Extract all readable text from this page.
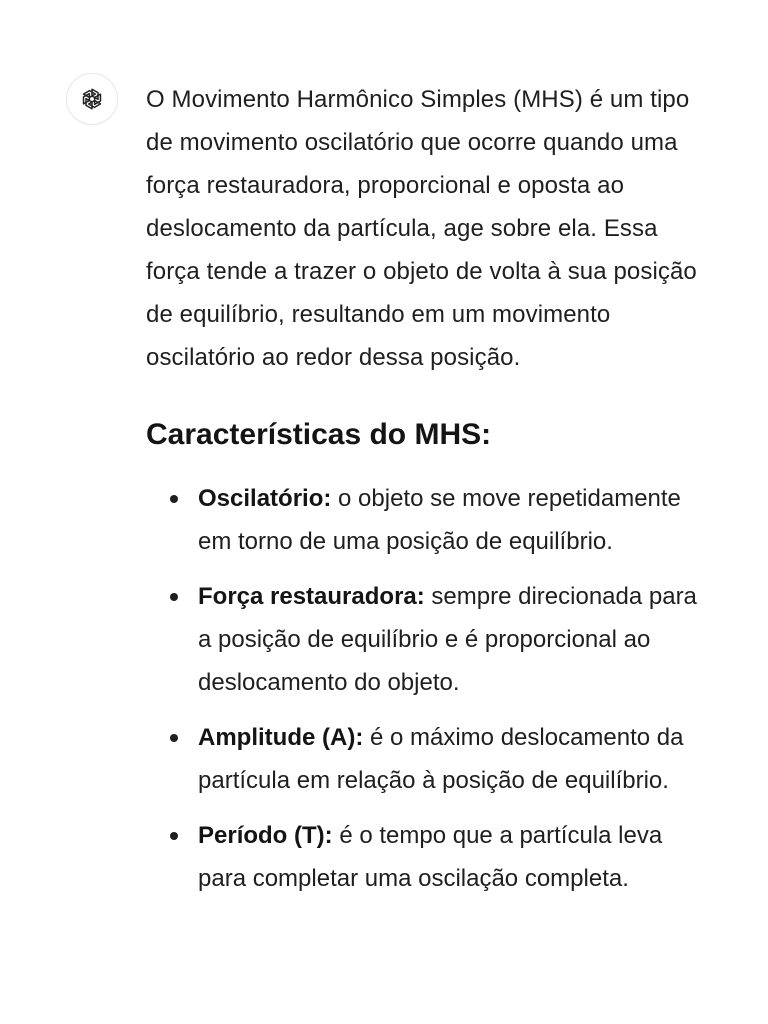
O Movimento Harmônico Simples (MHS) é um tipo de movimento oscilatório que ocorre quando uma força restauradora, proporcional e oposta ao deslocamento da partícula, age sobre ela. Essa força tende a trazer o objeto de volta à sua posição de equilíbrio, resultando em um movimento oscilatório ao redor dessa posição.

Características do MHS:
Oscilatório: o objeto se move repetidamente em torno de uma posição de equilíbrio.
Força restauradora: sempre direcionada para a posição de equilíbrio e é proporcional ao deslocamento do objeto.
Amplitude (A): é o máximo deslocamento da partícula em relação à posição de equilíbrio.
Período (T): é o tempo que a partícula leva para completar uma oscilação completa.
